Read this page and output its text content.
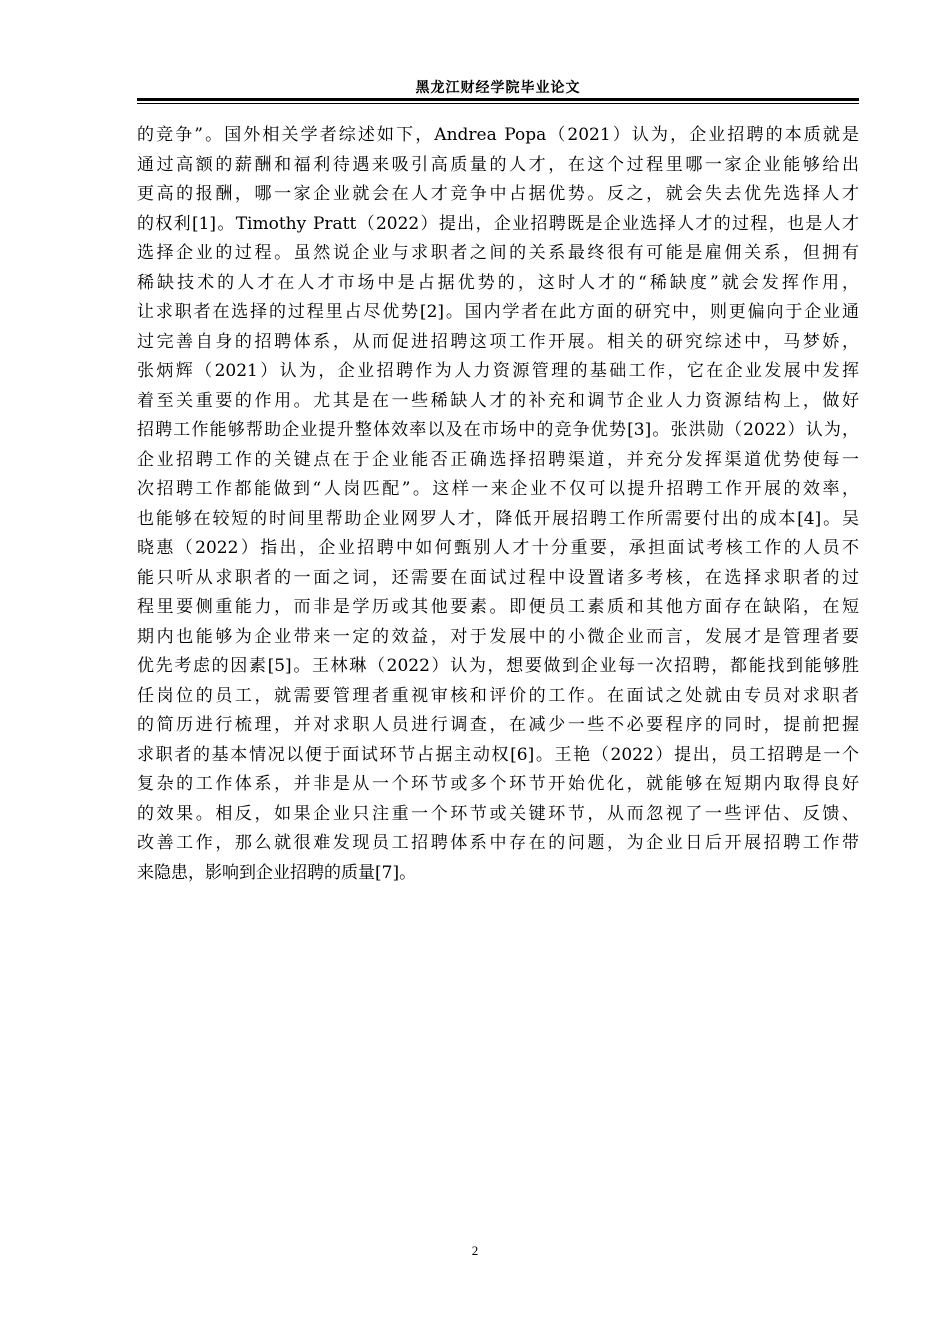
黑龙江财经学院毕业论文
的竞争”。国外相关学者综述如下，Andrea Popa（2021）认为，企业招聘的本质就是
通过高额的薪酬和福利待遇来吸引高质量的人才，在这个过程里哪一家企业能够给出
更高的报酬，哪一家企业就会在人才竞争中占据优势。反之，就会失去优先选择人才
的权利[1]。Timothy Pratt（2022）提出，企业招聘既是企业选择人才的过程，也是人才
选择企业的过程。虽然说企业与求职者之间的关系最终很有可能是雇佣关系，但拥有
稀缺技术的人才在人才市场中是占据优势的，这时人才的“稀缺度”就会发挥作用，
让求职者在选择的过程里占尽优势[2]。国内学者在此方面的研究中，则更偏向于企业通
过完善自身的招聘体系，从而促进招聘这项工作开展。相关的研究综述中，马梦娇，
张炳辉（2021）认为，企业招聘作为人力资源管理的基础工作，它在企业发展中发挥
着至关重要的作用。尤其是在一些稀缺人才的补充和调节企业人力资源结构上，做好
招聘工作能够帮助企业提升整体效率以及在市场中的竞争优势[3]。张洪勋（2022）认为，
企业招聘工作的关键点在于企业能否正确选择招聘渠道，并充分发挥渠道优势使每一
次招聘工作都能做到“人岗匹配”。这样一来企业不仅可以提升招聘工作开展的效率，
也能够在较短的时间里帮助企业网罗人才，降低开展招聘工作所需要付出的成本[4]。吴
晓惠（2022）指出，企业招聘中如何甄别人才十分重要，承担面试考核工作的人员不
能只听从求职者的一面之词，还需要在面试过程中设置诸多考核，在选择求职者的过
程里要侧重能力，而非是学历或其他要素。即便员工素质和其他方面存在缺陷，在短
期内也能够为企业带来一定的效益，对于发展中的小微企业而言，发展才是管理者要
优先考虑的因素[5]。王林琳（2022）认为，想要做到企业每一次招聘，都能找到能够胜
任岗位的员工，就需要管理者重视审核和评价的工作。在面试之处就由专员对求职者
的简历进行梳理，并对求职人员进行调查，在减少一些不必要程序的同时，提前把握
求职者的基本情况以便于面试环节占据主动权[6]。王艳（2022）提出，员工招聘是一个
复杂的工作体系，并非是从一个环节或多个环节开始优化，就能够在短期内取得良好
的效果。相反，如果企业只注重一个环节或关键环节，从而忽视了一些评估、反馈、
改善工作，那么就很难发现员工招聘体系中存在的问题，为企业日后开展招聘工作带
来隐患，影响到企业招聘的质量[7]。
2
